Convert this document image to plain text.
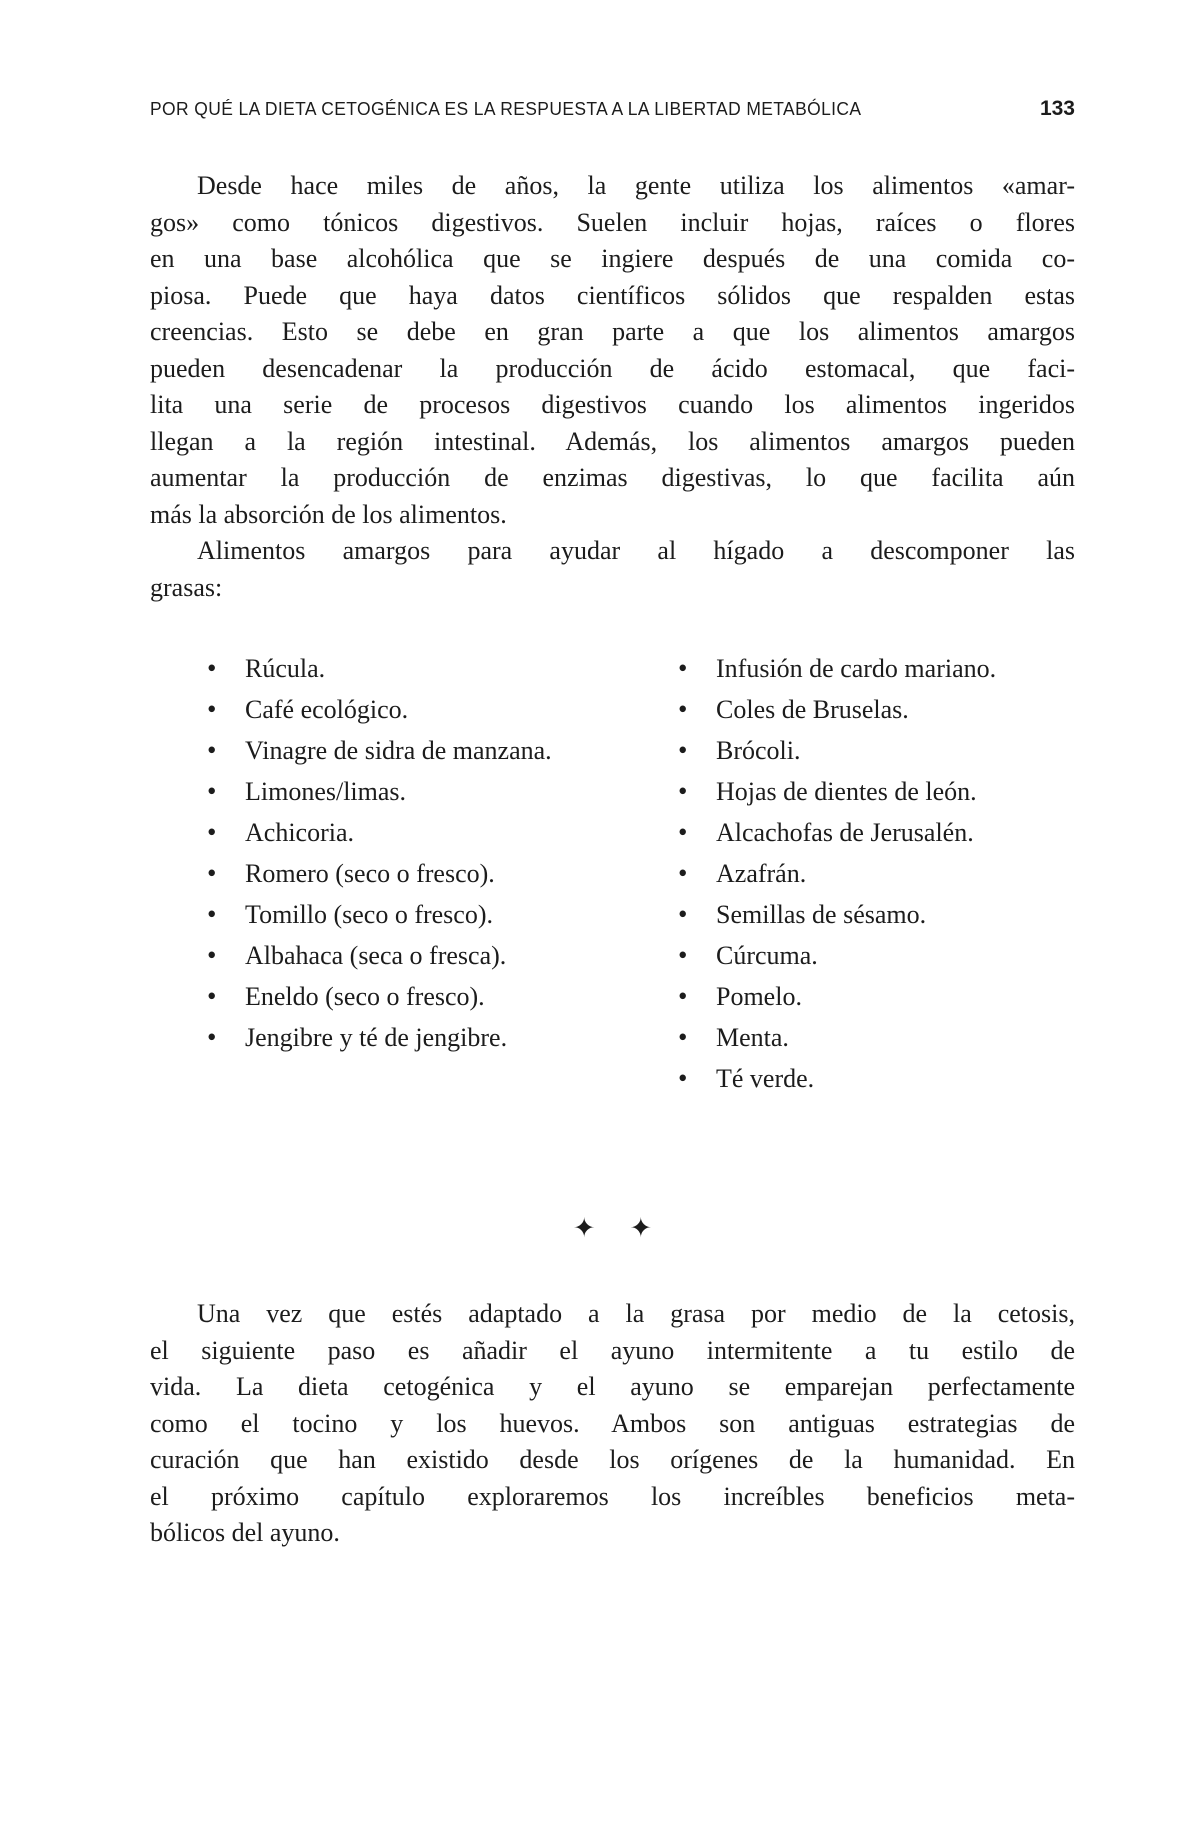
POR QUÉ LA DIETA CETOGÉNICA ES LA RESPUESTA A LA LIBERTAD METABÓLICA	133
Desde hace miles de años, la gente utiliza los alimentos «amar-
gos» como tónicos digestivos. Suelen incluir hojas, raíces o flores
en una base alcohólica que se ingiere después de una comida co-
piosa. Puede que haya datos científicos sólidos que respalden estas
creencias. Esto se debe en gran parte a que los alimentos amargos
pueden desencadenar la producción de ácido estomacal, que faci-
lita una serie de procesos digestivos cuando los alimentos ingeridos
llegan a la región intestinal. Además, los alimentos amargos pueden
aumentar la producción de enzimas digestivas, lo que facilita aún
más la absorción de los alimentos.
Alimentos amargos para ayudar al hígado a descomponer las
grasas:
•	Rúcula.
•	Café ecológico.
•	Vinagre de sidra de manzana.
•	Limones/limas.
•	Achicoria.
•	Romero (seco o fresco).
•	Tomillo (seco o fresco).
•	Albahaca (seca o fresca).
•	Eneldo (seco o fresco).
•	Jengibre y té de jengibre.
•	Infusión de cardo mariano.
•	Coles de Bruselas.
•	Brócoli.
•	Hojas de dientes de león.
•	Alcachofas de Jerusalén.
•	Azafrán.
•	Semillas de sésamo.
•	Cúrcuma.
•	Pomelo.
•	Menta.
•	Té verde.
✦ ✦
Una vez que estés adaptado a la grasa por medio de la cetosis,
el siguiente paso es añadir el ayuno intermitente a tu estilo de
vida. La dieta cetogénica y el ayuno se emparejan perfectamente
como el tocino y los huevos. Ambos son antiguas estrategias de
curación que han existido desde los orígenes de la humanidad. En
el próximo capítulo exploraremos los increíbles beneficios meta-
bólicos del ayuno.
